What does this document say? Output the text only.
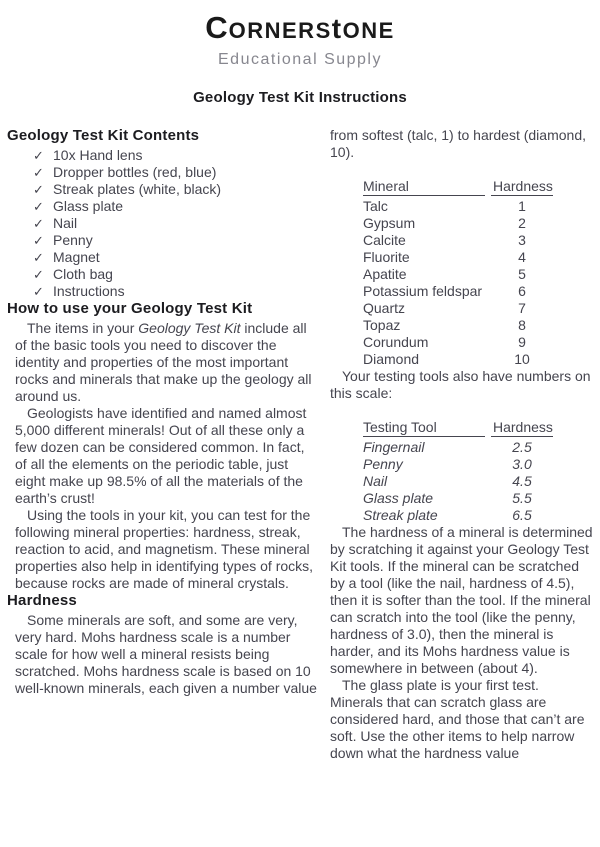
CORNERStONE
Educational Supply
Geology Test Kit Instructions
Geology Test Kit Contents
✓ 10x Hand lens
✓ Dropper bottles (red, blue)
✓ Streak plates (white, black)
✓ Glass plate
✓ Nail
✓ Penny
✓ Magnet
✓ Cloth bag
✓ Instructions
How to use your Geology Test Kit

The items in your Geology Test Kit include all of the basic tools you need to discover the identity and properties of the most important rocks and minerals that make up the geology all around us.

Geologists have identified and named almost 5,000 different minerals! Out of all these only a few dozen can be considered common. In fact, of all the elements on the periodic table, just eight make up 98.5% of all the materials of the earth’s crust!

Using the tools in your kit, you can test for the following mineral properties: hardness, streak, reaction to acid, and magnetism. These mineral properties also help in identifying types of rocks, because rocks are made of mineral crystals.

Hardness

Some minerals are soft, and some are very, very hard. Mohs hardness scale is a number scale for how well a mineral resists being scratched. Mohs hardness scale is based on 10 well-known minerals, each given a number value

from softest (talc, 1) to hardest (diamond, 10).

Mineral	Hardness
Talc	1
Gypsum	2
Calcite	3
Fluorite	4
Apatite	5
Potassium feldspar	6
Quartz	7
Topaz	8
Corundum	9
Diamond	10

Your testing tools also have numbers on this scale:

Testing Tool	Hardness
Fingernail	2.5
Penny	3.0
Nail	4.5
Glass plate	5.5
Streak plate	6.5

The hardness of a mineral is determined by scratching it against your Geology Test Kit tools. If the mineral can be scratched by a tool (like the nail, hardness of 4.5), then it is softer than the tool. If the mineral can scratch into the tool (like the penny, hardness of 3.0), then the mineral is harder, and its Mohs hardness value is somewhere in between (about 4).

The glass plate is your first test. Minerals that can scratch glass are considered hard, and those that can’t are soft. Use the other items to help narrow down what the hardness value
